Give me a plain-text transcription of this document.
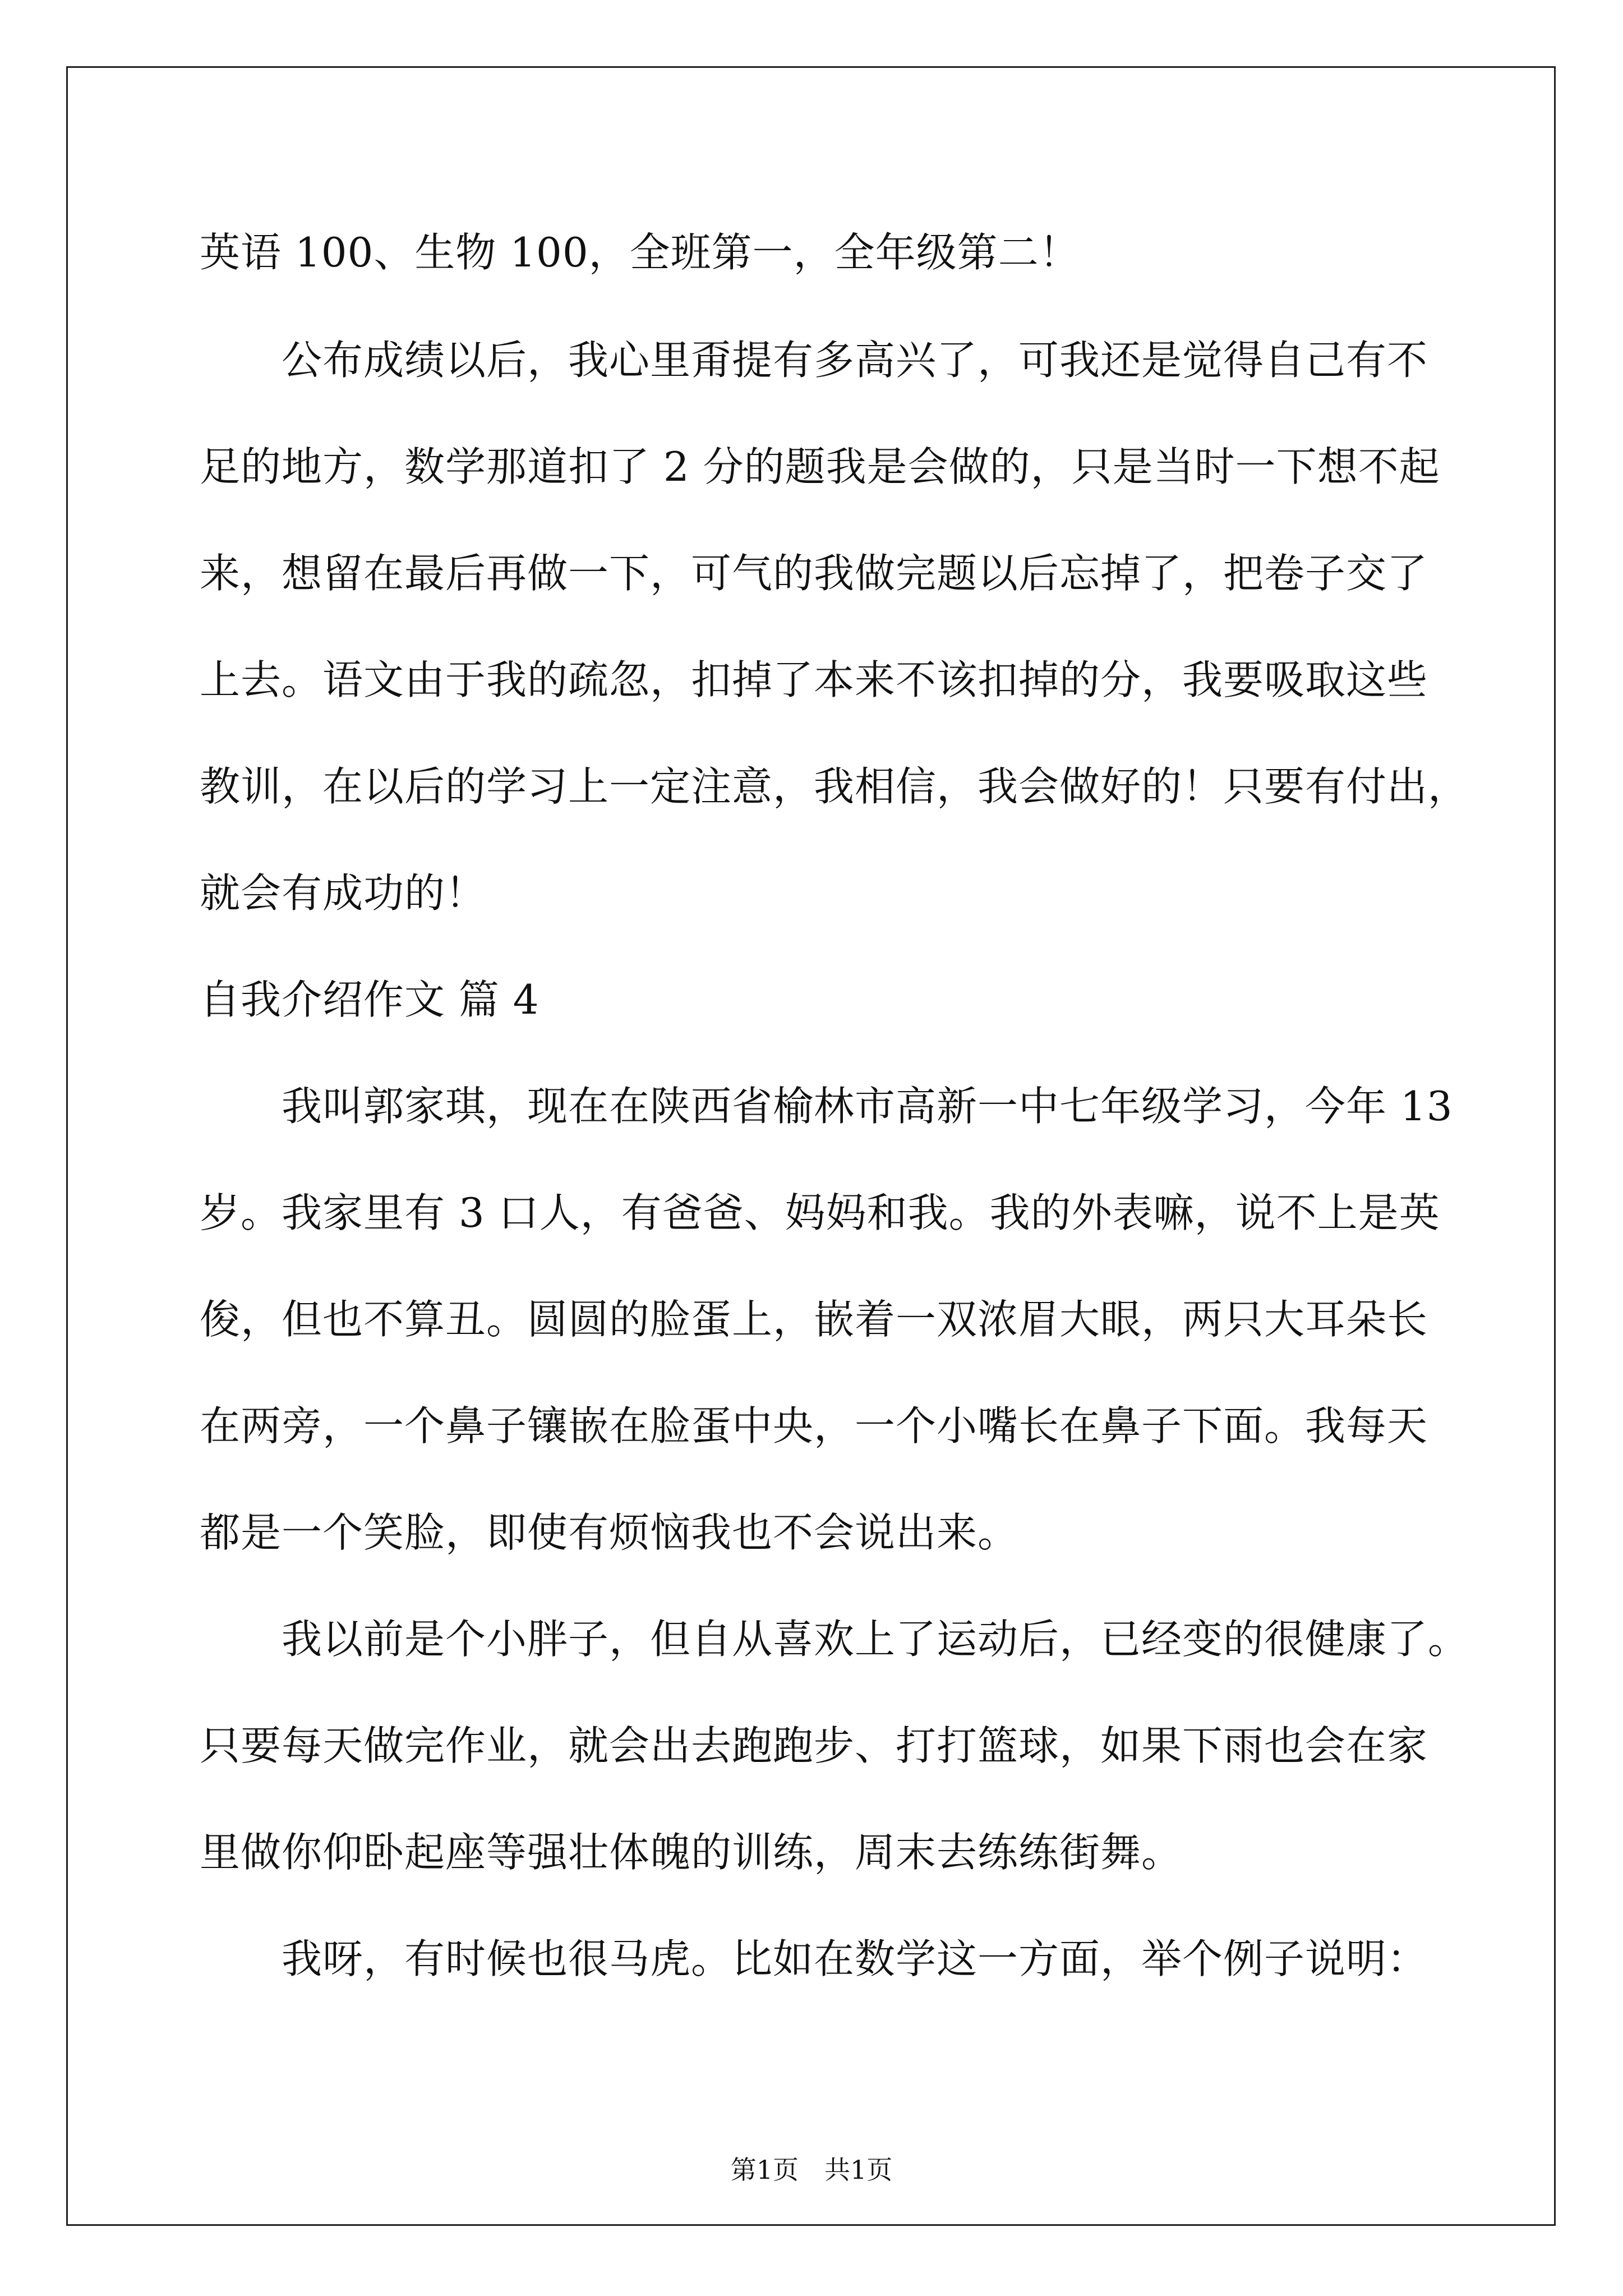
英语 100、生物 100，全班第一，全年级第二！
　　公布成绩以后，我心里甭提有多高兴了，可我还是觉得自己有不
足的地方，数学那道扣了 2 分的题我是会做的，只是当时一下想不起
来，想留在最后再做一下，可气的我做完题以后忘掉了，把卷子交了
上去。语文由于我的疏忽，扣掉了本来不该扣掉的分，我要吸取这些
教训，在以后的学习上一定注意，我相信，我会做好的！只要有付出，
就会有成功的！
自我介绍作文 篇 4
　　我叫郭家琪，现在在陕西省榆林市高新一中七年级学习，今年 13
岁。我家里有 3 口人，有爸爸、妈妈和我。我的外表嘛，说不上是英
俊，但也不算丑。圆圆的脸蛋上，嵌着一双浓眉大眼，两只大耳朵长
在两旁，一个鼻子镶嵌在脸蛋中央，一个小嘴长在鼻子下面。我每天
都是一个笑脸，即使有烦恼我也不会说出来。
　　我以前是个小胖子，但自从喜欢上了运动后，已经变的很健康了。
只要每天做完作业，就会出去跑跑步、打打篮球，如果下雨也会在家
里做你仰卧起座等强壮体魄的训练，周末去练练街舞。
　　我呀，有时候也很马虎。比如在数学这一方面，举个例子说明：
第1页　共1页
